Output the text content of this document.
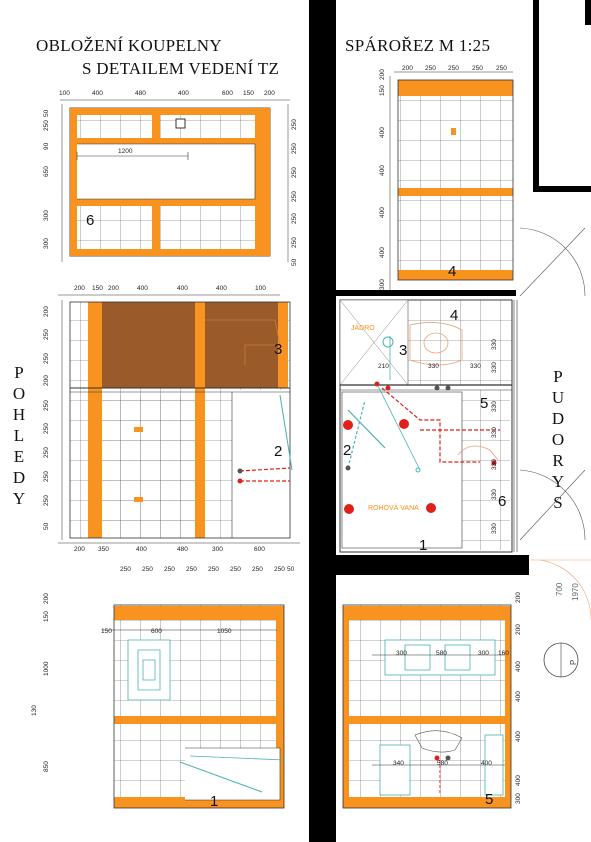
OBLOŽENÍ KOUPELNY
S DETAILEM VEDENÍ TZ
SPÁROŘEZ M 1:25
P
O
H
L
E
D
Y
P
U
D
O
R
Y
S
100	400	480	400	600 150 200
1200
250
50
90
650
300
300
250
250
250
250
250
250
50
6
200 150 200	400	400	400	100
200 350	400	480	300	600
200
250
250
200
250
250
250
250
250
50
3
2
250 250 250 250 250 250 250 250 50
150	600	1050
200
150
1000
130
850
1
200 250 250 250 250
200
150
400
400
400
400
300
4
JÁDRO
ROHOVÁ VANA
210	330	330
330
330
330
330
330
330
330
4
3
5
2
6
1
300	580	300 160
340	580	400
200
200
400
400
400
400
300
5
P
700 1970
